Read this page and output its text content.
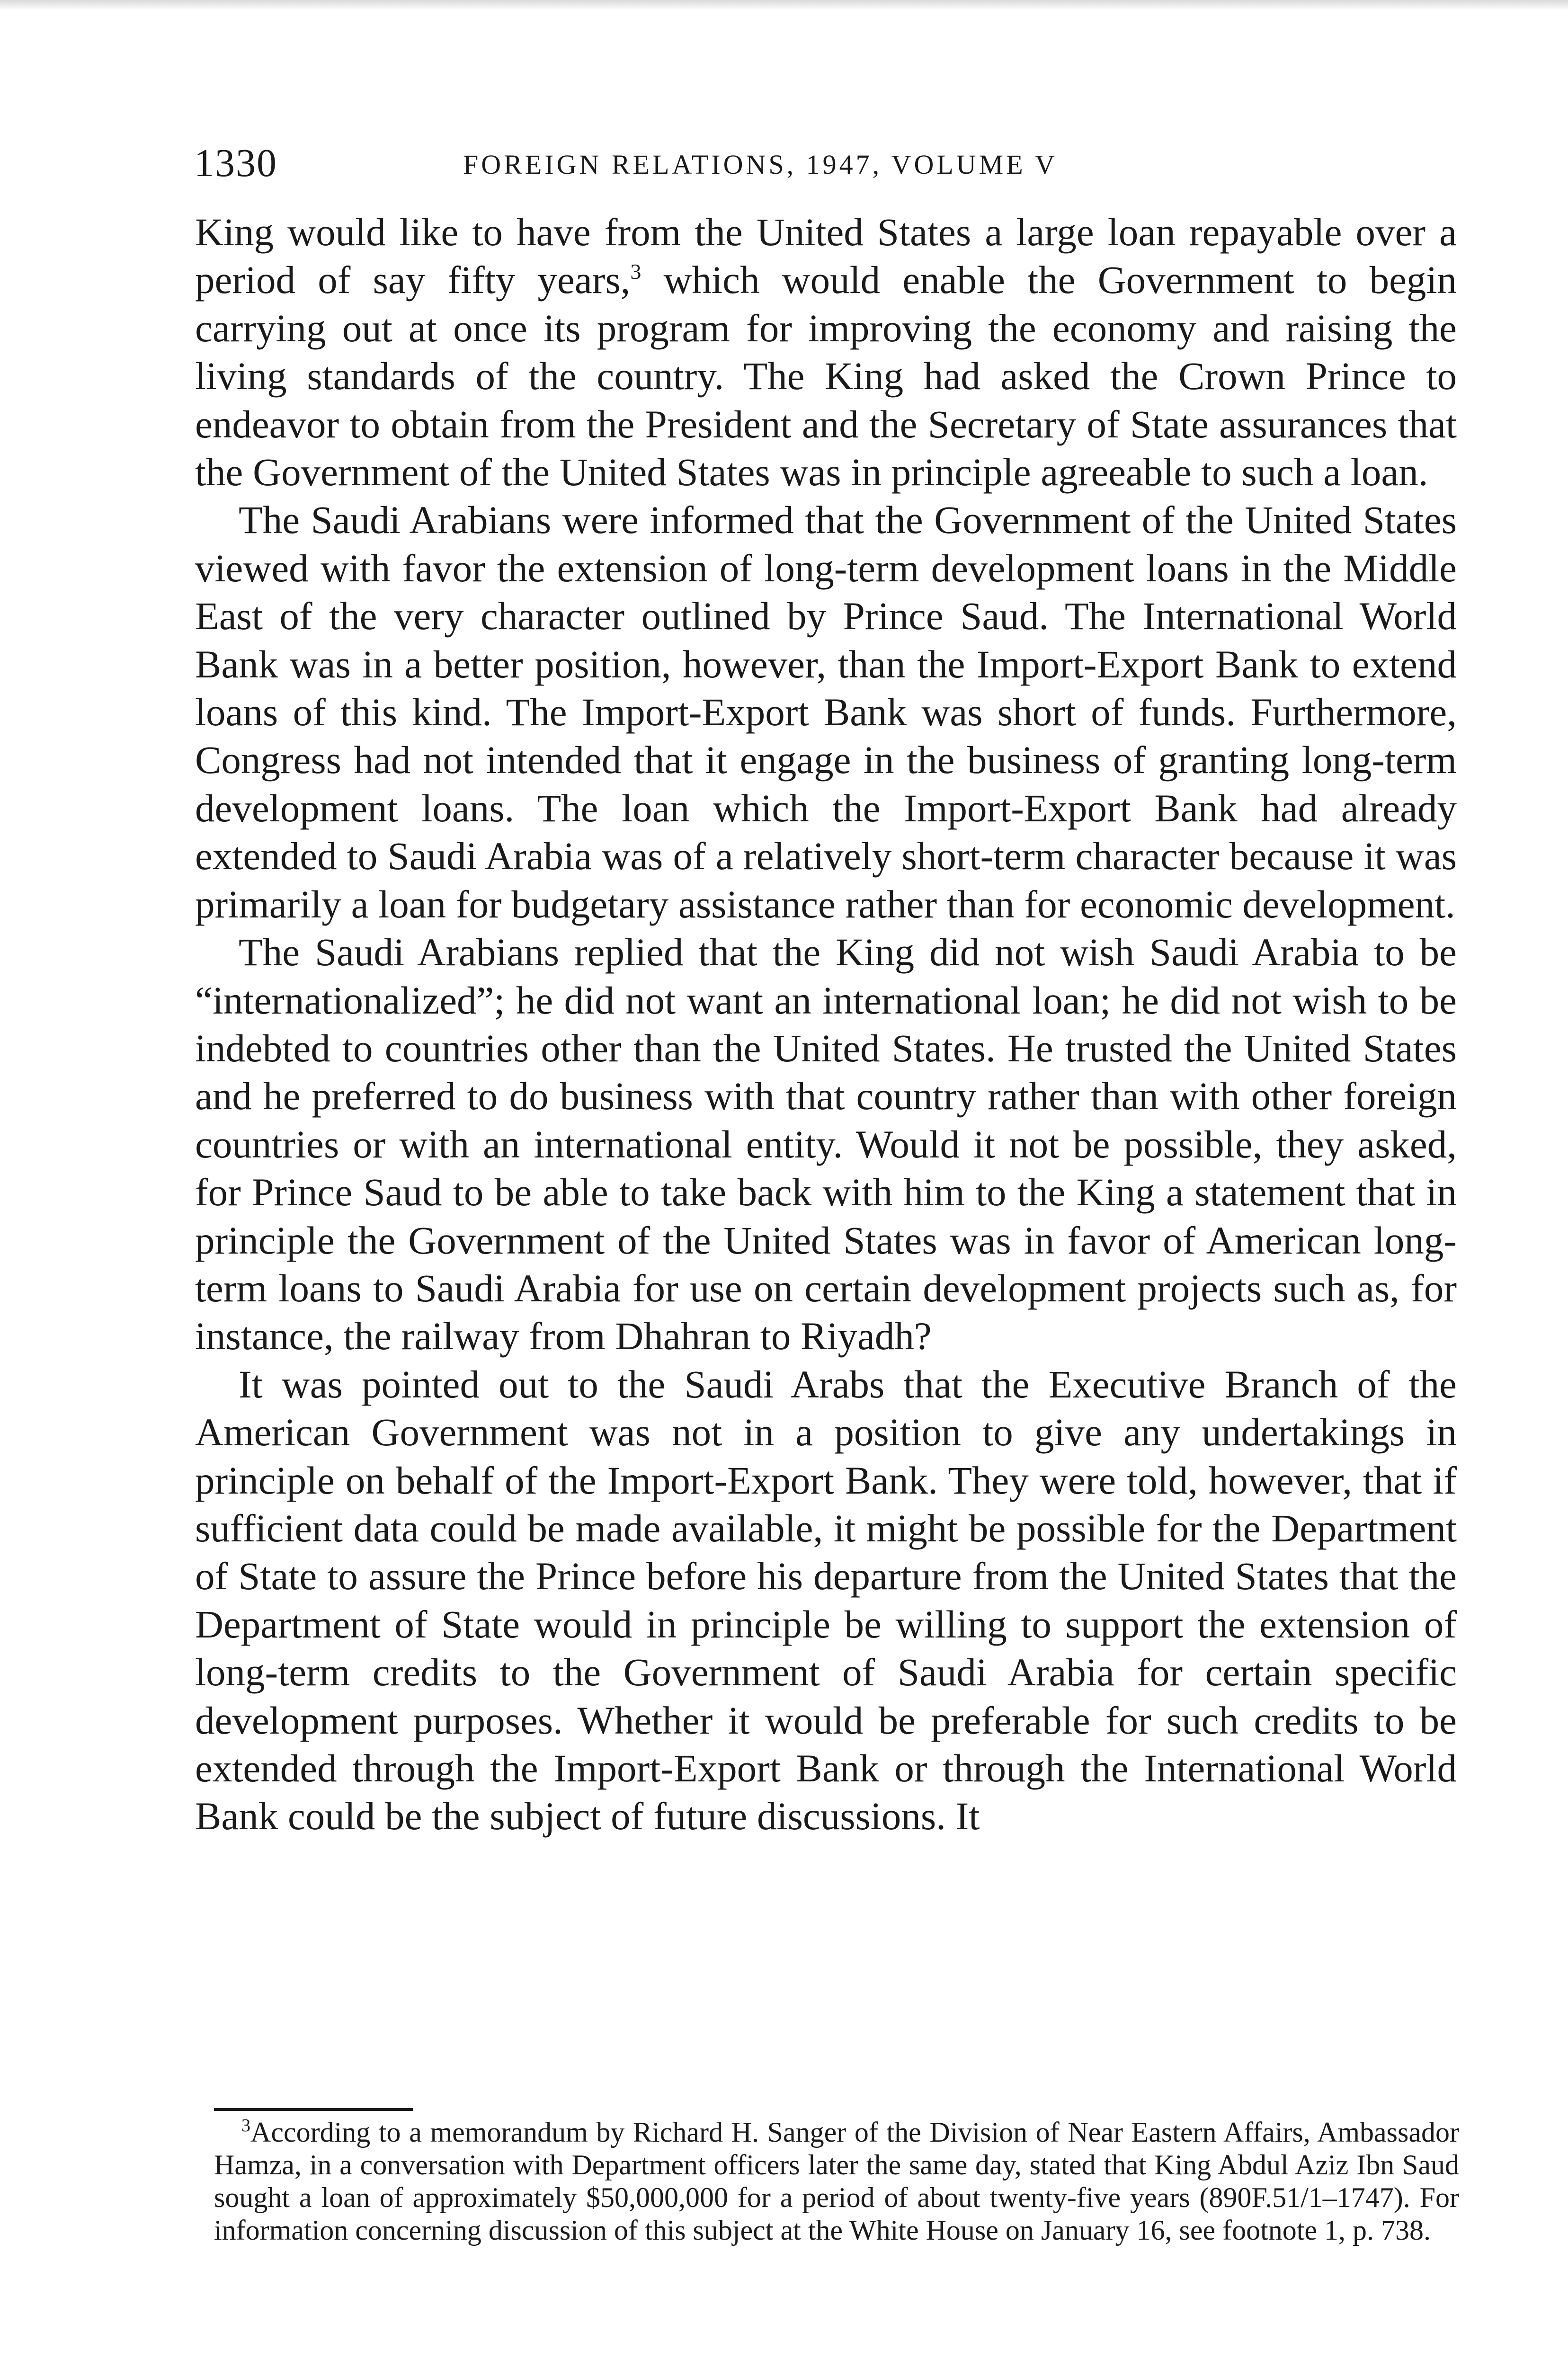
1330	FOREIGN RELATIONS, 1947, VOLUME V

King would like to have from the United States a large loan repayable over a period of say fifty years,$^3$ which would enable the Government to begin carrying out at once its program for improving the economy and raising the living standards of the country. The King had asked the Crown Prince to endeavor to obtain from the President and the Secretary of State assurances that the Government of the United States was in principle agreeable to such a loan.

The Saudi Arabians were informed that the Government of the United States viewed with favor the extension of long-term development loans in the Middle East of the very character outlined by Prince Saud. The International World Bank was in a better position, however, than the Import-Export Bank to extend loans of this kind. The Import-Export Bank was short of funds. Furthermore, Congress had not intended that it engage in the business of granting long-term development loans. The loan which the Import-Export Bank had already extended to Saudi Arabia was of a relatively short-term character because it was primarily a loan for budgetary assistance rather than for economic development.

The Saudi Arabians replied that the King did not wish Saudi Arabia to be “internationalized”; he did not want an international loan; he did not wish to be indebted to countries other than the United States. He trusted the United States and he preferred to do business with that country rather than with other foreign countries or with an international entity. Would it not be possible, they asked, for Prince Saud to be able to take back with him to the King a statement that in principle the Government of the United States was in favor of American long-term loans to Saudi Arabia for use on certain development projects such as, for instance, the railway from Dhahran to Riyadh?

It was pointed out to the Saudi Arabs that the Executive Branch of the American Government was not in a position to give any undertakings in principle on behalf of the Import-Export Bank. They were told, however, that if sufficient data could be made available, it might be possible for the Department of State to assure the Prince before his departure from the United States that the Department of State would in principle be willing to support the extension of long-term credits to the Government of Saudi Arabia for certain specific development purposes. Whether it would be preferable for such credits to be extended through the Import-Export Bank or through the International World Bank could be the subject of future discussions. It

$^3$According to a memorandum by Richard H. Sanger of the Division of Near Eastern Affairs, Ambassador Hamza, in a conversation with Department officers later the same day, stated that King Abdul Aziz Ibn Saud sought a loan of approximately $50,000,000 for a period of about twenty-five years (890F.51/1–1747). For information concerning discussion of this subject at the White House on January 16, see footnote 1, p. 738.
